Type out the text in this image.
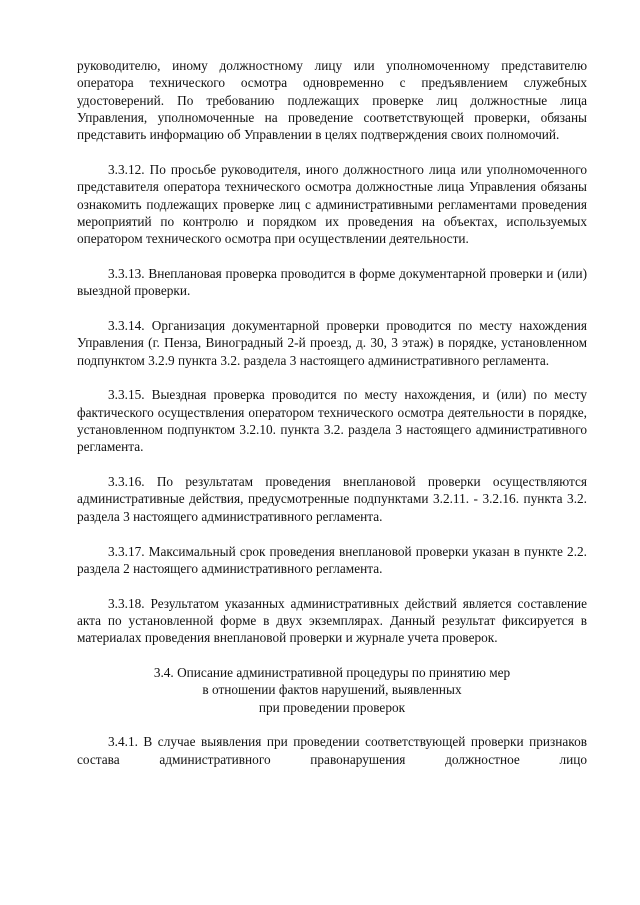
руководителю, иному должностному лицу или уполномоченному представителю оператора технического осмотра одновременно с предъявлением служебных удостоверений. По требованию подлежащих проверке лиц должностные лица Управления, уполномоченные на проведение соответствующей проверки, обязаны представить информацию об Управлении в целях подтверждения своих полномочий.

3.3.12. По просьбе руководителя, иного должностного лица или уполномоченного представителя оператора технического осмотра должностные лица Управления обязаны ознакомить подлежащих проверке лиц с административными регламентами проведения мероприятий по контролю и порядком их проведения на объектах, используемых оператором технического осмотра при осуществлении деятельности.

3.3.13. Внеплановая проверка проводится в форме документарной проверки и (или) выездной проверки.

3.3.14. Организация документарной проверки проводится по месту нахождения Управления (г. Пенза, Виноградный 2-й проезд, д. 30, 3 этаж) в порядке, установленном подпунктом 3.2.9 пункта 3.2. раздела 3 настоящего административного регламента.

3.3.15. Выездная проверка проводится по месту нахождения, и (или) по месту фактического осуществления оператором технического осмотра деятельности в порядке, установленном подпунктом 3.2.10. пункта 3.2. раздела 3 настоящего административного регламента.

3.3.16. По результатам проведения внеплановой проверки осуществляются административные действия, предусмотренные подпунктами 3.2.11. - 3.2.16. пункта 3.2. раздела 3 настоящего административного регламента.

3.3.17. Максимальный срок проведения внеплановой проверки указан в пункте 2.2. раздела 2 настоящего административного регламента.

3.3.18. Результатом указанных административных действий является составление акта по установленной форме в двух экземплярах. Данный результат фиксируется в материалах проведения внеплановой проверки и журнале учета проверок.

3.4. Описание административной процедуры по принятию мер
в отношении фактов нарушений, выявленных
при проведении проверок

3.4.1. В случае выявления при проведении соответствующей проверки признаков состава административного правонарушения должностное лицо
